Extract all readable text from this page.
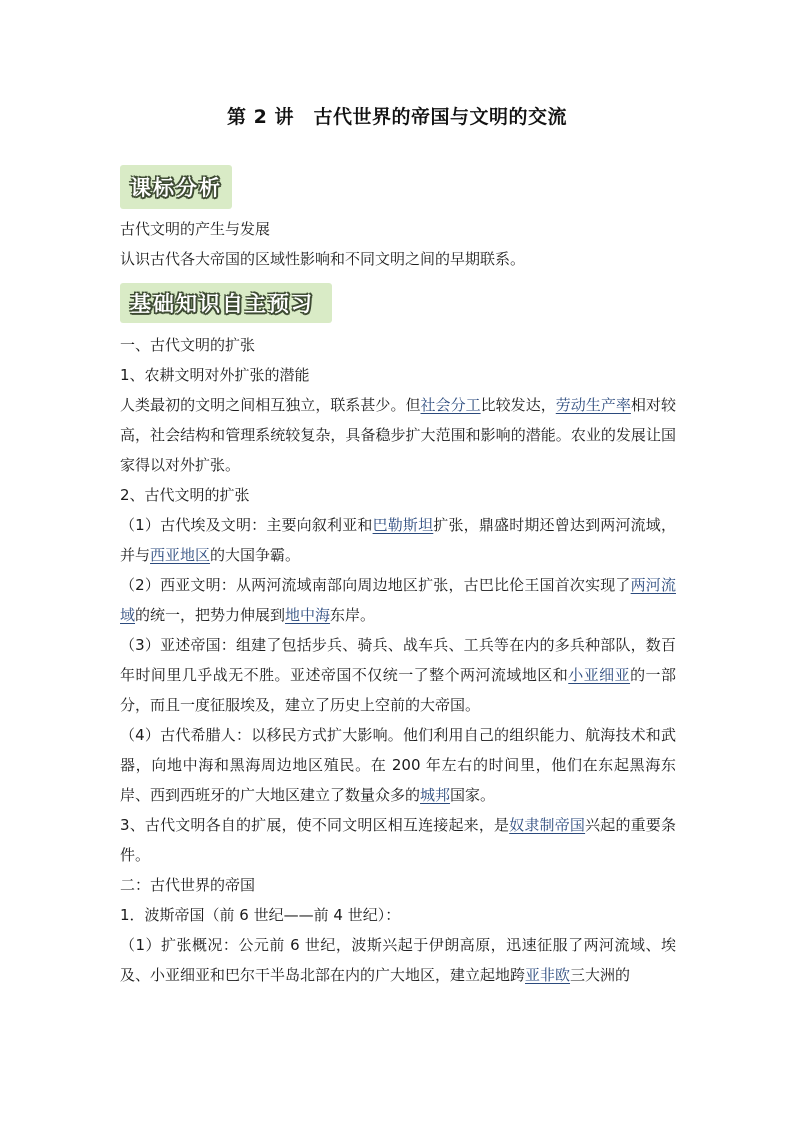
第 2 讲　古代世界的帝国与文明的交流
课标分析

古代文明的产生与发展

认识古代各大帝国的区域性影响和不同文明之间的早期联系。

基础知识自主预习

一、古代文明的扩张

1、农耕文明对外扩张的潜能

人类最初的文明之间相互独立，联系甚少。但社会分工比较发达，劳动生产率相对较高，社会结构和管理系统较复杂，具备稳步扩大范围和影响的潜能。农业的发展让国家得以对外扩张。

2、古代文明的扩张

（1）古代埃及文明：主要向叙利亚和巴勒斯坦扩张，鼎盛时期还曾达到两河流域，并与西亚地区的大国争霸。

（2）西亚文明：从两河流域南部向周边地区扩张，古巴比伦王国首次实现了两河流域的统一，把势力伸展到地中海东岸。

（3）亚述帝国：组建了包括步兵、骑兵、战车兵、工兵等在内的多兵种部队，数百年时间里几乎战无不胜。亚述帝国不仅统一了整个两河流域地区和小亚细亚的一部分，而且一度征服埃及，建立了历史上空前的大帝国。

（4）古代希腊人：以移民方式扩大影响。他们利用自己的组织能力、航海技术和武器，向地中海和黑海周边地区殖民。在 200 年左右的时间里，他们在东起黑海东岸、西到西班牙的广大地区建立了数量众多的城邦国家。

3、古代文明各自的扩展，使不同文明区相互连接起来，是奴隶制帝国兴起的重要条件。

二：古代世界的帝国

1．波斯帝国（前 6 世纪——前 4 世纪）：

（1）扩张概况：公元前 6 世纪，波斯兴起于伊朗高原，迅速征服了两河流域、埃及、小亚细亚和巴尔干半岛北部在内的广大地区，建立起地跨亚非欧三大洲的
